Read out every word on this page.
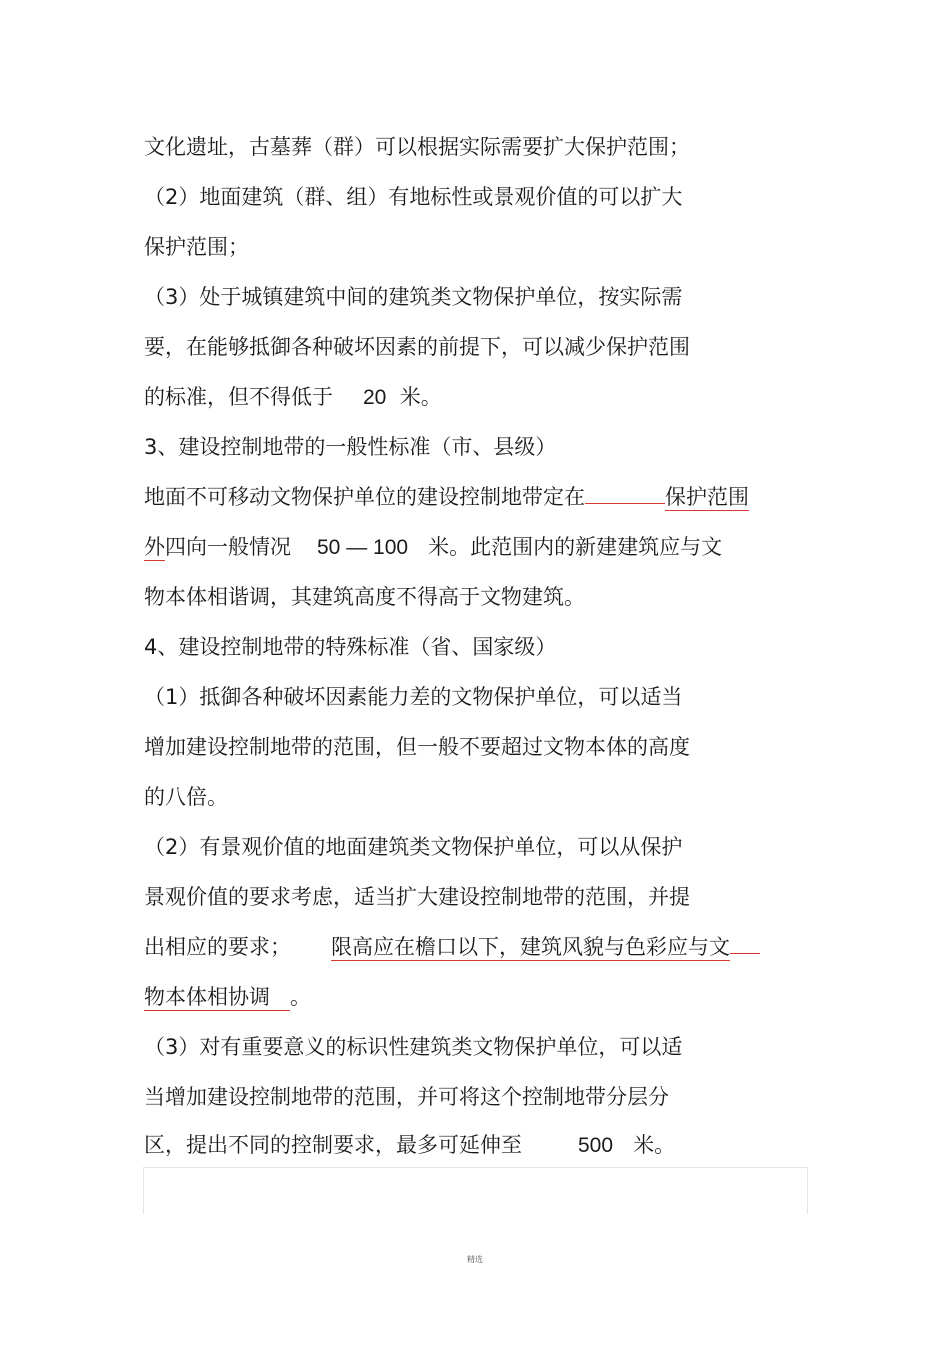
文化遗址，古墓葬（群）可以根据实际需要扩大保护范围；
（2）地面建筑（群、组）有地标性或景观价值的可以扩大
保护范围；
（3）处于城镇建筑中间的建筑类文物保护单位，按实际需
要，在能够抵御各种破坏因素的前提下，可以减少保护范围
的标准，但不得低于 20 米。
3、建设控制地带的一般性标准（市、县级）
地面不可移动文物保护单位的建设控制地带定在	保护范围
外四向一般情况 50 — 100 米。此范围内的新建建筑应与文
物本体相谐调，其建筑高度不得高于文物建筑。
4、建设控制地带的特殊标准（省、国家级）
（1）抵御各种破坏因素能力差的文物保护单位，可以适当
增加建设控制地带的范围，但一般不要超过文物本体的高度
的八倍。
（2）有景观价值的地面建筑类文物保护单位，可以从保护
景观价值的要求考虑，适当扩大建设控制地带的范围，并提
出相应的要求； 限高应在檐口以下，建筑风貌与色彩应与文
物本体相协调 。
（3）对有重要意义的标识性建筑类文物保护单位，可以适
当增加建设控制地带的范围，并可将这个控制地带分层分
区，提出不同的控制要求，最多可延伸至	500 米。
精选
